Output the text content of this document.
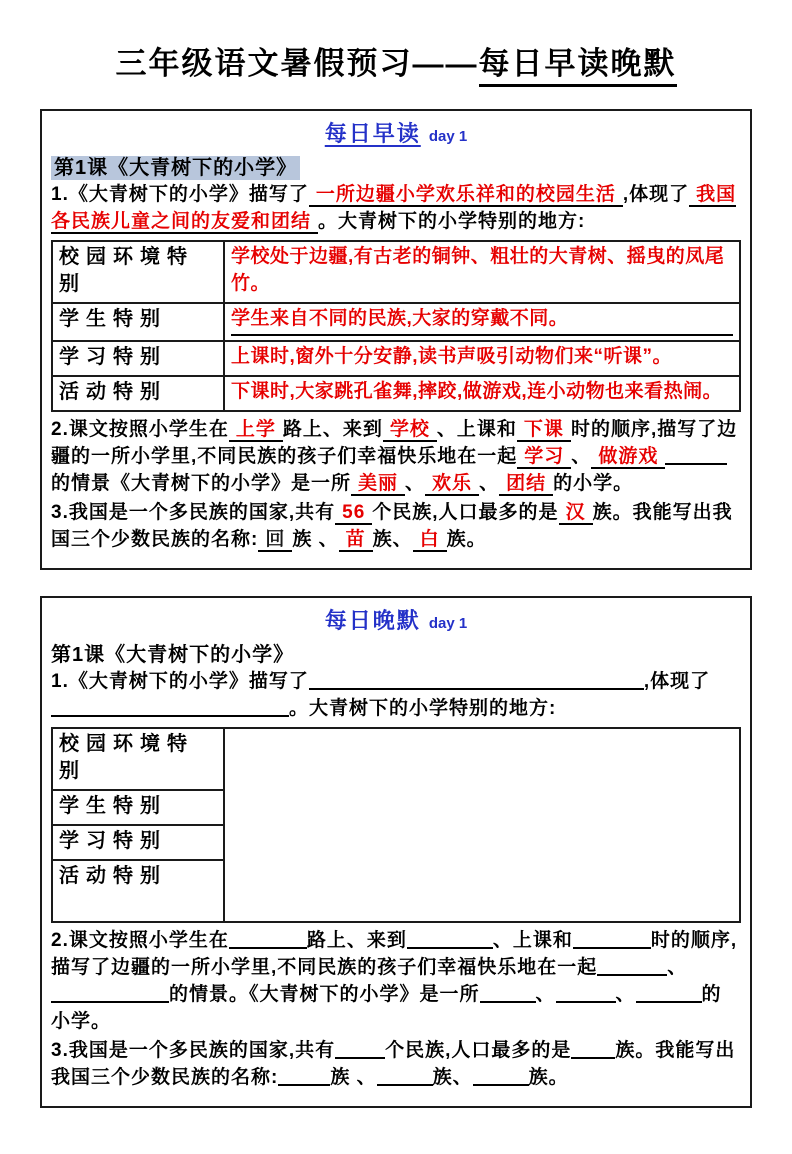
三年级语文暑假预习——每日早读晚默
每日早读 day 1
第1课《大青树下的小学》

1.《大青树下的小学》描写了 一所边疆小学欢乐祥和的校园生活 ,体现了 我国各民族儿童之间的友爱和团结 。大青树下的小学特别的地方:

校园环境特别	学校处于边疆,有古老的铜钟、粗壮的大青树、摇曳的凤尾竹。
学生特别	学生来自不同的民族,大家的穿戴不同。
学习特别	上课时,窗外十分安静,读书声吸引动物们来“听课”。
活动特别	下课时,大家跳孔雀舞,摔跤,做游戏,连小动物也来看热闹。

2.课文按照小学生在 上学 路上、来到 学校 、上课和 下课 时的顺序,描写了边疆的一所小学里,不同民族的孩子们幸福快乐地在一起 学习 、 做游戏的情景《大青树下的小学》是一所 美丽 、 欢乐 、 团结 的小学。

3.我国是一个多民族的国家,共有 56 个民族,人口最多的是 汉 族。我能写出我国三个少数民族的名称: 回 族 、 苗 族、 白 族。

每日晚默 day 1
第1课《大青树下的小学》

1.《大青树下的小学》描写了	,体现了。大青树下的小学特别的地方:

校园环境特别	
学生特别
学习特别
活动特别

2.课文按照小学生在	路上、来到	、上课和	时的顺序,描写了边疆的一所小学里,不同民族的孩子们幸福快乐地在一起	、的情景。《大青树下的小学》是一所	、	、	的小学。

3.我国是一个多民族的国家,共有	个民族,人口最多的是 族。我能写出我国三个少数民族的名称:	族 、	族、	族。
